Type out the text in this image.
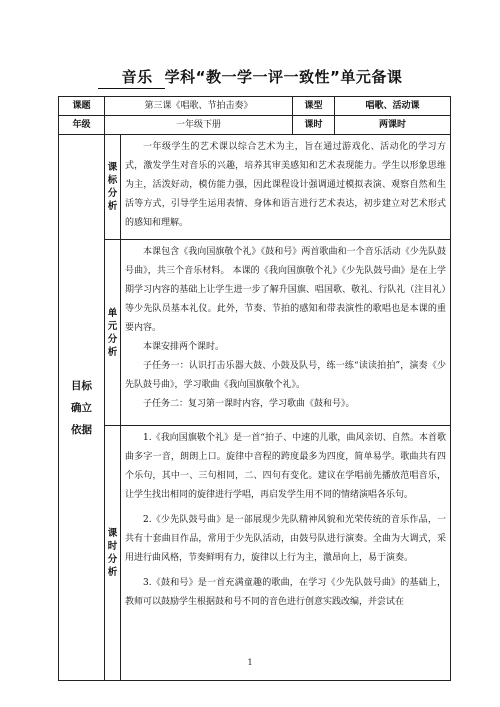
音乐 学科“教一学一评一致性”单元备课
课题	第三课《唱歌、节拍击奏》		课型	唱歌、活动课
年级	一年级下册		课时	两课时

目标确立依据	课标分析	一年级学生的艺术课以综合艺术为主，旨在通过游戏化、活动化的学习方式，激发学生对音乐的兴趣，培养其审美感知和艺术表现能力。学生以形象思维为主，活泼好动，模仿能力强，因此课程设计强调通过模拟表演、观察自然和生活等方式，引导学生运用表情、身体和语言进行艺术表达，初步建立对艺术形式的感知和理解。		

	单元分析	本课包含《我向国旗敬个礼》《鼓和号》两首歌曲和一个音乐活动《少先队鼓号曲》，共三个音乐材料。 本课的《我向国旗敬个礼》《少先队鼓号曲》是在上学期学习内容的基础上让学生进一步了解升国旗、唱国歌、敬礼、行队礼（注目礼）等少先队员基本礼仪。此外，节奏、节拍的感知和带表演性的歌唱也是本课的重要内容。

本课安排两个课时。

子任务一：认识打击乐器大鼓、小鼓及队号，练一练“读读拍拍”，演奏《少先队鼓号曲》，学习歌曲《我向国旗敬个礼》。

子任务二：复习第一课时内容，学习歌曲《鼓和号》。		

	课时分析	1.《我向国旗敬个礼》是一首“拍子、中速的儿歌，曲风亲切、自然。本首歌曲多字一音，朗朗上口。旋律中音程的跨度最多为四度，简单易学。歌曲共有四个乐句，其中一、三句相同，二、四句有变化。建议在学唱前先播放范唱音乐，让学生找出相同的旋律进行学唱，再启发学生用不同的情绪演唱各乐句。

2.《少先队鼓号曲》是一部展现少先队精神风貌和光荣传统的音乐作品，一共有十套曲目作品，常用于少先队活动，由鼓号队进行演奏。全曲为大调式，采用进行曲风格，节奏鲜明有力，旋律以上行为主，激昂向上，易于演奏。

3.《鼓和号》是一首充满童趣的歌曲，在学习《少先队鼓号曲》的基础上，教师可以鼓励学生根据鼓和号不同的音色进行创意实践改编，并尝试在		

1
